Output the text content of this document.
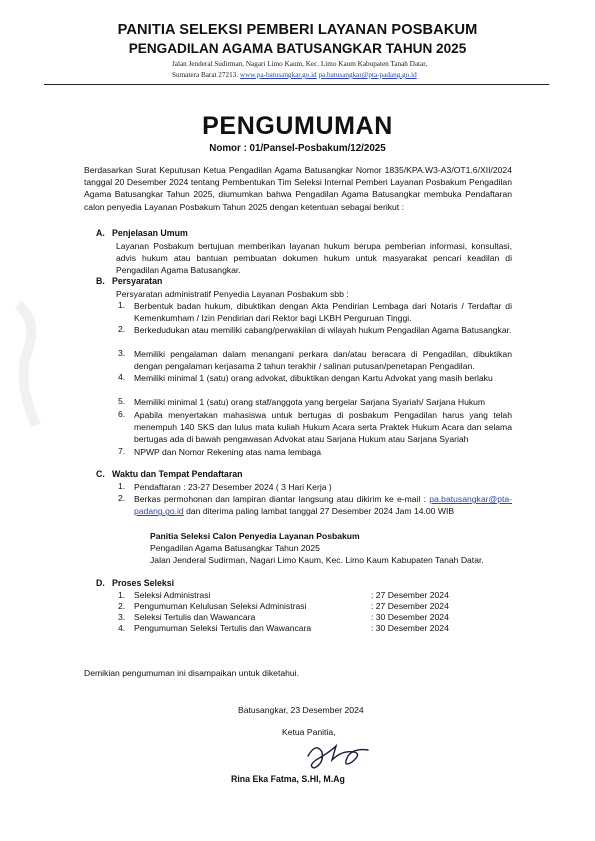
PANITIA SELEKSI PEMBERI LAYANAN POSBAKUM
PENGADILAN AGAMA BATUSANGKAR TAHUN 2025
Jalan Jenderal Sudirman, Nagari Limo Kaum, Kec. Limo Kaum Kabupaten Tanah Datar,
Sumatera Barat 27213. www.pa-batusangkar.go.id pa.batusangkar@pta-padang.go.id
PENGUMUMAN
Nomor : 01/Pansel-Posbakum/12/2025
Berdasarkan Surat Keputusan Ketua Pengadilan Agama Batusangkar Nomor 1835/KPA.W3-A3/OT1.6/XII/2024 tanggal 20 Desember 2024 tentang Pembentukan Tim Seleksi Internal Pemberi Layanan Posbakum Pengadilan Agama Batusangkar Tahun 2025, diumumkan bahwa Pengadilan Agama Batusangkar membuka Pendaftaran calon penyedia Layanan Posbakum Tahun 2025 dengan ketentuan sebagai berikut :
A. Penjelasan Umum
Layanan Posbakum bertujuan memberikan layanan hukum berupa pemberian informasi, konsultasi, advis hukum atau bantuan pembuatan dokumen hukum untuk masyarakat pencari keadilan di Pengadilan Agama Batusangkar.
B. Persyaratan
Persyaratan administratif Penyedia Layanan Posbakum sbb :
1. Berbentuk badan hukum, dibuktikan dengan Akta Pendirian Lembaga dari Notaris / Terdaftar di Kemenkumham / Izin Pendirian dari Rektor bagi LKBH Perguruan Tinggi.
2. Berkedudukan atau memiliki cabang/perwakilan di wilayah hukum Pengadilan Agama Batusangkar.
3. Memiliki pengalaman dalam menangani perkara dan/atau beracara di Pengadilan, dibuktikan dengan pengalaman kerjasama 2 tahun terakhir / salinan putusan/penetapan Pengadilan.
4. Memiliki minimal 1 (satu) orang advokat, dibuktikan dengan Kartu Advokat yang masih berlaku
5. Memiliki minimal 1 (satu) orang staf/anggota yang bergelar Sarjana Syariah/ Sarjana Hukum
6. Apabila menyertakan mahasiswa untuk bertugas di posbakum Pengadilan harus yang telah menempuh 140 SKS dan lulus mata kuliah Hukum Acara serta Praktek Hukum Acara dan selama bertugas ada di bawah pengawasan Advokat atau Sarjana Hukum atau Sarjana Syariah
7. NPWP dan Nomor Rekening atas nama lembaga
C. Waktu dan Tempat Pendaftaran
1. Pendaftaran : 23-27 Desember 2024 ( 3 Hari Kerja )
2. Berkas permohonan dan lampiran diantar langsung atau dikirim ke e-mail : pa.batusangkar@pta-padang.go.id dan diterima paling lambat tanggal 27 Desember 2024 Jam 14.00 WIB
Panitia Seleksi Calon Penyedia Layanan Posbakum
Pengadilan Agama Batusangkar Tahun 2025
Jalan Jenderal Sudirman, Nagari Limo Kaum, Kec. Limo Kaum Kabupaten Tanah Datar.
D. Proses Seleksi
1. Seleksi Administrasi	: 27 Desember 2024
2. Pengumuman Kelulusan Seleksi Administrasi	: 27 Desember 2024
3. Seleksi Tertulis dan Wawancara	: 30 Desember 2024
4. Pengumuman Seleksi Tertulis dan Wawancara	: 30 Desember 2024
Demikian pengumuman ini disampaikan untuk diketahui.
Batusangkar, 23 Desember 2024
Ketua Panitia,
Rina Eka Fatma, S.HI, M.Ag
